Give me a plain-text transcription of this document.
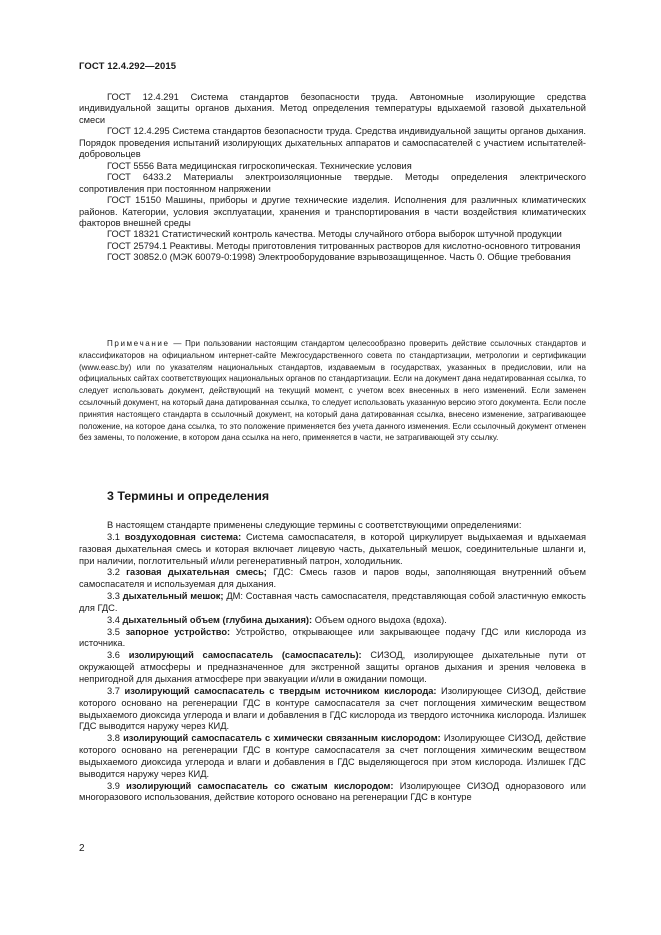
ГОСТ 12.4.292—2015

ГОСТ 12.4.291 Система стандартов безопасности труда. Автономные изолирующие средства индивидуальной защиты органов дыхания. Метод определения температуры вдыхаемой газовой дыхательной смеси

ГОСТ 12.4.295 Система стандартов безопасности труда. Средства индивидуальной защиты органов дыхания. Порядок проведения испытаний изолирующих дыхательных аппаратов и самоспасателей с участием испытателей-добровольцев

ГОСТ 5556 Вата медицинская гигроскопическая. Технические условия

ГОСТ 6433.2 Материалы электроизоляционные твердые. Методы определения электрического сопротивления при постоянном напряжении

ГОСТ 15150 Машины, приборы и другие технические изделия. Исполнения для различных климатических районов. Категории, условия эксплуатации, хранения и транспортирования в части воздействия климатических факторов внешней среды

ГОСТ 18321 Статистический контроль качества. Методы случайного отбора выборок штучной продукции

ГОСТ 25794.1 Реактивы. Методы приготовления титрованных растворов для кислотно-основного титрования

ГОСТ 30852.0 (МЭК 60079-0:1998) Электрооборудование взрывозащищенное. Часть 0. Общие требования

Примечание — При пользовании настоящим стандартом целесообразно проверить действие ссылочных стандартов и классификаторов на официальном интернет-сайте Межгосударственного совета по стандартизации, метрологии и сертификации (www.easc.by) или по указателям национальных стандартов, издаваемым в государствах, указанных в предисловии, или на официальных сайтах соответствующих национальных органов по стандартизации. Если на документ дана недатированная ссылка, то следует использовать документ, действующий на текущий момент, с учетом всех внесенных в него изменений. Если заменен ссылочный документ, на который дана датированная ссылка, то следует использовать указанную версию этого документа. Если после принятия настоящего стандарта в ссылочный документ, на который дана датированная ссылка, внесено изменение, затрагивающее положение, на которое дана ссылка, то это положение применяется без учета данного изменения. Если ссылочный документ отменен без замены, то положение, в котором дана ссылка на него, применяется в части, не затрагивающей эту ссылку.

3 Термины и определения

В настоящем стандарте применены следующие термины с соответствующими определениями:

3.1 воздуходовная система: Система самоспасателя, в которой циркулирует выдыхаемая и вдыхаемая газовая дыхательная смесь и которая включает лицевую часть, дыхательный мешок, соединительные шланги и, при наличии, поглотительный и/или регенеративный патрон, холодильник.

3.2 газовая дыхательная смесь; ГДС: Смесь газов и паров воды, заполняющая внутренний объем самоспасателя и используемая для дыхания.

3.3 дыхательный мешок; ДМ: Составная часть самоспасателя, представляющая собой эластичную емкость для ГДС.

3.4 дыхательный объем (глубина дыхания): Объем одного выдоха (вдоха).

3.5 запорное устройство: Устройство, открывающее или закрывающее подачу ГДС или кислорода из источника.

3.6 изолирующий самоспасатель (самоспасатель): СИЗОД, изолирующее дыхательные пути от окружающей атмосферы и предназначенное для экстренной защиты органов дыхания и зрения человека в непригодной для дыхания атмосфере при эвакуации и/или в ожидании помощи.

3.7 изолирующий самоспасатель с твердым источником кислорода: Изолирующее СИЗОД, действие которого основано на регенерации ГДС в контуре самоспасателя за счет поглощения химическим веществом выдыхаемого диоксида углерода и влаги и добавления в ГДС кислорода из твердого источника кислорода. Излишек ГДС выводится наружу через КИД.

3.8 изолирующий самоспасатель с химически связанным кислородом: Изолирующее СИЗОД, действие которого основано на регенерации ГДС в контуре самоспасателя за счет поглощения химическим веществом выдыхаемого диоксида углерода и влаги и добавления в ГДС выделяющегося при этом кислорода. Излишек ГДС выводится наружу через КИД.

3.9 изолирующий самоспасатель со сжатым кислородом: Изолирующее СИЗОД одноразового или многоразового использования, действие которого основано на регенерации ГДС в контуре

2
